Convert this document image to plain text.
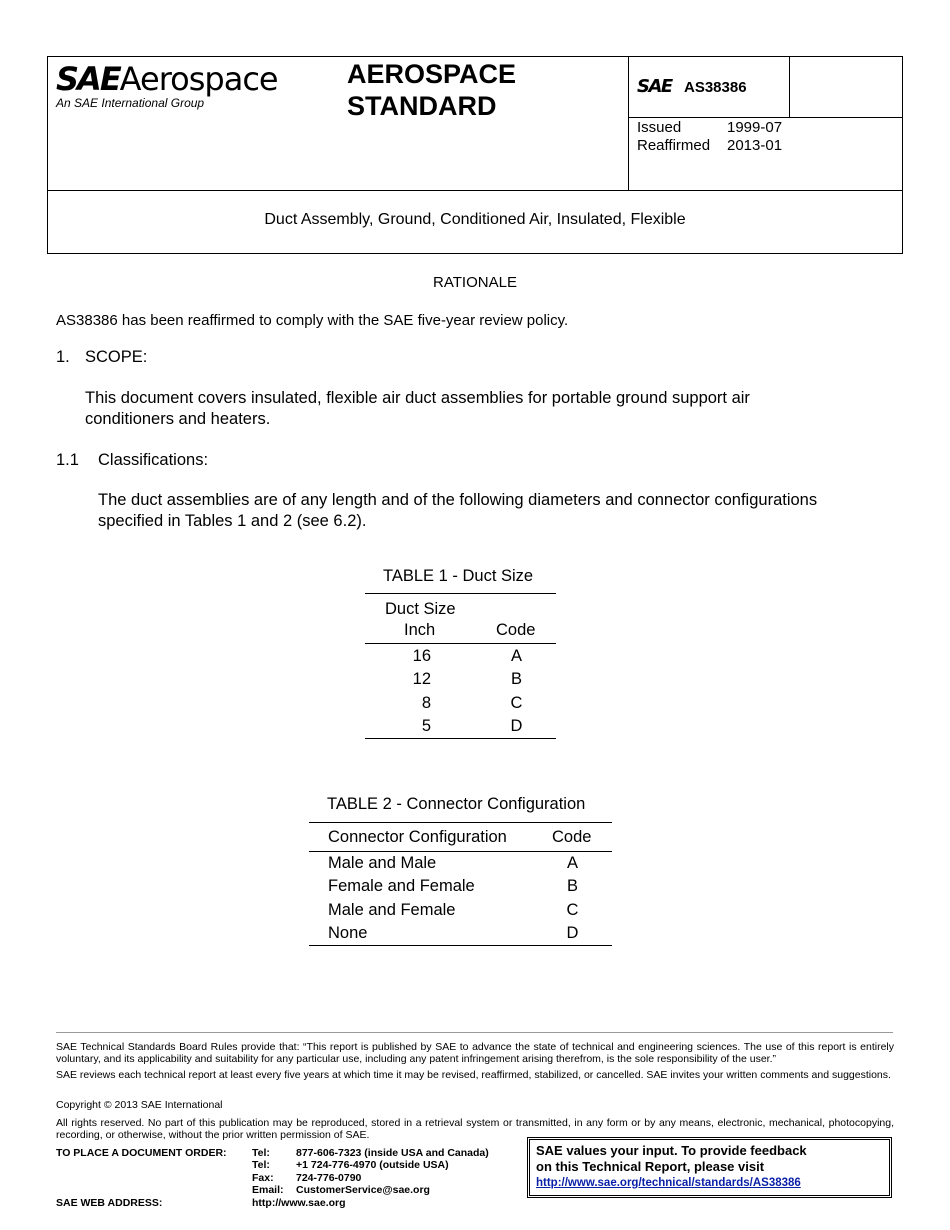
SAEAerospace
An SAE International Group
AEROSPACE
STANDARD
SAE AS38386
Issued	1999-07
Reaffirmed 2013-01
Duct Assembly, Ground, Conditioned Air, Insulated, Flexible
RATIONALE
AS38386 has been reaffirmed to comply with the SAE five-year review policy.
1. SCOPE:
This document covers insulated, flexible air duct assemblies for portable ground support air conditioners and heaters.
1.1 Classifications:
The duct assemblies are of any length and of the following diameters and connector configurations specified in Tables 1 and 2 (see 6.2).
TABLE 1 - Duct Size
Duct Size
Inch	Code
16	A
12	B
8	C
5	D
TABLE 2 - Connector Configuration
Connector Configuration	Code
Male and Male	A
Female and Female	B
Male and Female	C
None	D
SAE Technical Standards Board Rules provide that: “This report is published by SAE to advance the state of technical and engineering sciences. The use of this report is entirely voluntary, and its applicability and suitability for any particular use, including any patent infringement arising therefrom, is the sole responsibility of the user.”
SAE reviews each technical report at least every five years at which time it may be revised, reaffirmed, stabilized, or cancelled. SAE invites your written comments and suggestions.
Copyright © 2013 SAE International
All rights reserved. No part of this publication may be reproduced, stored in a retrieval system or transmitted, in any form or by any means, electronic, mechanical, photocopying, recording, or otherwise, without the prior written permission of SAE.
TO PLACE A DOCUMENT ORDER: Tel:	877-606-7323 (inside USA and Canada)
Tel:	+1 724-776-4970 (outside USA)
Fax:	724-776-0790
Email:	CustomerService@sae.org
SAE WEB ADDRESS:	http://www.sae.org
SAE values your input. To provide feedback
on this Technical Report, please visit
http://www.sae.org/technical/standards/AS38386
